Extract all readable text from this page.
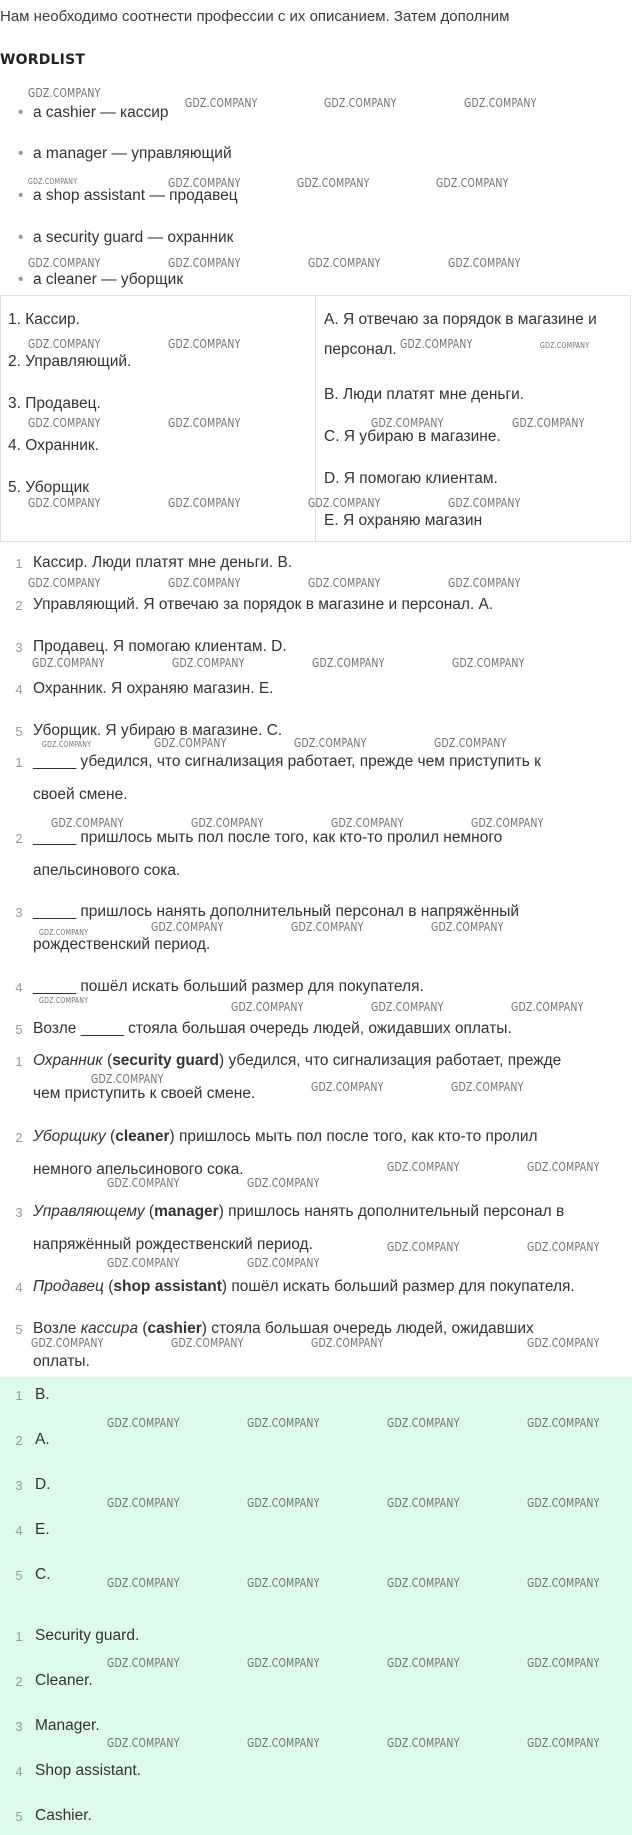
Нам необходимо соотнести профессии с их описанием. Затем дополним
WORDLIST
• a cashier — кассир
• a manager — управляющий
• a shop assistant — продавец
• a security guard — охранник
• a cleaner — уборщик
1. Кассир.
2. Управляющий.
3. Продавец.
4. Охранник.
5. Уборщик
A. Я отвечаю за порядок в магазине и
персонал.
B. Люди платят мне деньги.
C. Я убираю в магазине.
D. Я помогаю клиентам.
E. Я охраняю магазин
1 Кассир. Люди платят мне деньги. B.
2 Управляющий. Я отвечаю за порядок в магазине и персонал. A.
3 Продавец. Я помогаю клиентам. D.
4 Охранник. Я охраняю магазин. E.
5 Уборщик. Я убираю в магазине. C.
1 _____ убедился, что сигнализация работает, прежде чем приступить к
своей смене.
2 _____ пришлось мыть пол после того, как кто-то пролил немного
апельсинового сока.
3 _____ пришлось нанять дополнительный персонал в напряжённый
рождественский период.
4 _____ пошёл искать больший размер для покупателя.
5 Возле _____ стояла большая очередь людей, ожидавших оплаты.
1 Охранник (security guard) убедился, что сигнализация работает, прежде
чем приступить к своей смене.
2 Уборщику (cleaner) пришлось мыть пол после того, как кто-то пролил
немного апельсинового сока.
3 Управляющему (manager) пришлось нанять дополнительный персонал в
напряжённый рождественский период.
4 Продавец (shop assistant) пошёл искать больший размер для покупателя.
5 Возле кассира (cashier) стояла большая очередь людей, ожидавших
оплаты.
1 B.
2 A.
3 D.
4 E.
5 C.
1 Security guard.
2 Cleaner.
3 Manager.
4 Shop assistant.
5 Cashier.
GDZ.COMPANY
GDZ.COMPANY	GDZ.COMPANY	GDZ.COMPANY
GDZ.COMPANY	GDZ.COMPANY	GDZ.COMPANY	GDZ.COMPANY
GDZ.COMPANY	GDZ.COMPANY	GDZ.COMPANY	GDZ.COMPANY
GDZ.COMPANY	GDZ.COMPANY	GDZ.COMPANY	GDZ.COMPANY
GDZ.COMPANY	GDZ.COMPANY	GDZ.COMPANY	GDZ.COMPANY
GDZ.COMPANY	GDZ.COMPANY	GDZ.COMPANY	GDZ.COMPANY
GDZ.COMPANY	GDZ.COMPANY	GDZ.COMPANY	GDZ.COMPANY
GDZ.COMPANY	GDZ.COMPANY	GDZ.COMPANY	GDZ.COMPANY
GDZ.COMPANY	GDZ.COMPANY	GDZ.COMPANY	GDZ.COMPANY
GDZ.COMPANY	GDZ.COMPANY	GDZ.COMPANY	GDZ.COMPANY
GDZ.COMPANY	GDZ.COMPANY	GDZ.COMPANY	GDZ.COMPANY
GDZ.COMPANY	GDZ.COMPANY	GDZ.COMPANY	GDZ.COMPANY
GDZ.COMPANY
GDZ.COMPANY	GDZ.COMPANY
GDZ.COMPANY	GDZ.COMPANY
GDZ.COMPANY	GDZ.COMPANY
GDZ.COMPANY	GDZ.COMPANY
GDZ.COMPANY	GDZ.COMPANY
GDZ.COMPANY	GDZ.COMPANY	GDZ.COMPANY	GDZ.COMPANY
GDZ.COMPANY	GDZ.COMPANY	GDZ.COMPANY	GDZ.COMPANY
GDZ.COMPANY	GDZ.COMPANY	GDZ.COMPANY	GDZ.COMPANY
GDZ.COMPANY	GDZ.COMPANY	GDZ.COMPANY	GDZ.COMPANY
GDZ.COMPANY	GDZ.COMPANY	GDZ.COMPANY	GDZ.COMPANY
GDZ.COMPANY	GDZ.COMPANY	GDZ.COMPANY	GDZ.COMPANY
